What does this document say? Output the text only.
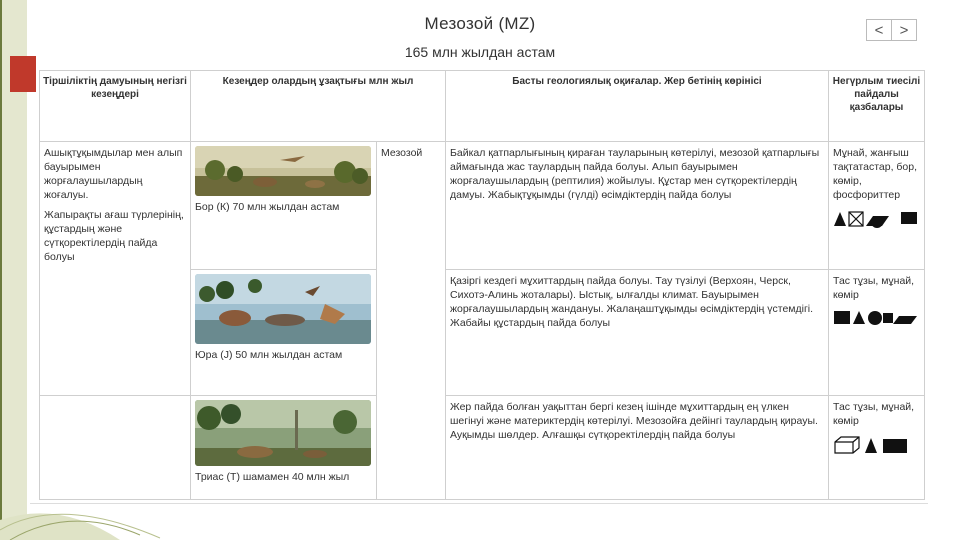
Мезозой (MZ)
165 млн жылдан астам
< >
Тіршіліктің дамуының негізгі кезеңдері	Кезеңдер олардың ұзақтығы млн жыл		Басты геологиялық оқиғалар. Жер бетінің көрінісі	Негүрлым тиесілі пайдалы қазбалары

Ашықтұқымдылар мен алып бауырымен жорғалаушылардың жоғалуы.
Жапырақты ағаш түрлерінің, құстардың және сүтқоректілердің пайда болуы	Бор (К) 70 млн жылдан астам	Мезозой	Байкал қатпарлығының қираған тауларының көтерілуі, мезозой қатпарлығы аймағында жас таулардың пайда болуы. Алып бауырымен жорғалаушылардың (рептилия) жойылуы. Құстар мен сүтқоректілердің дамуы. Жабықтұқымды (гүлді) өсімдіктердің пайда болуы	Мұнай, жанғыш тақтатастар, бор, көмір, фосфориттер

	Юра (J) 50 млн жылдан астам		Қазіргі кездегі мұхиттардың пайда болуы. Тау түзілуі (Верхоян, Черск, Сихотэ-Алинь жоталары). Ыстық, ылғалды климат. Бауырымен жорғалаушылардың жандануы. Жалаңаштұқымды өсімдіктердің үстемдігі. Жабайы құстардың пайда болуы	Тас тұзы, мұнай, көмір

	Триас (Т) шамамен 40 млн жыл		Жер пайда болған уақыттан бергі кезең ішінде мұхиттардың ең үлкен шегінуі және материктердің көтерілуі. Мезозойға дейінгі таулардың қирауы. Ауқымды шөлдер. Алғашқы сүтқоректілердің пайда болуы	Тас тұзы, мұнай, көмір
